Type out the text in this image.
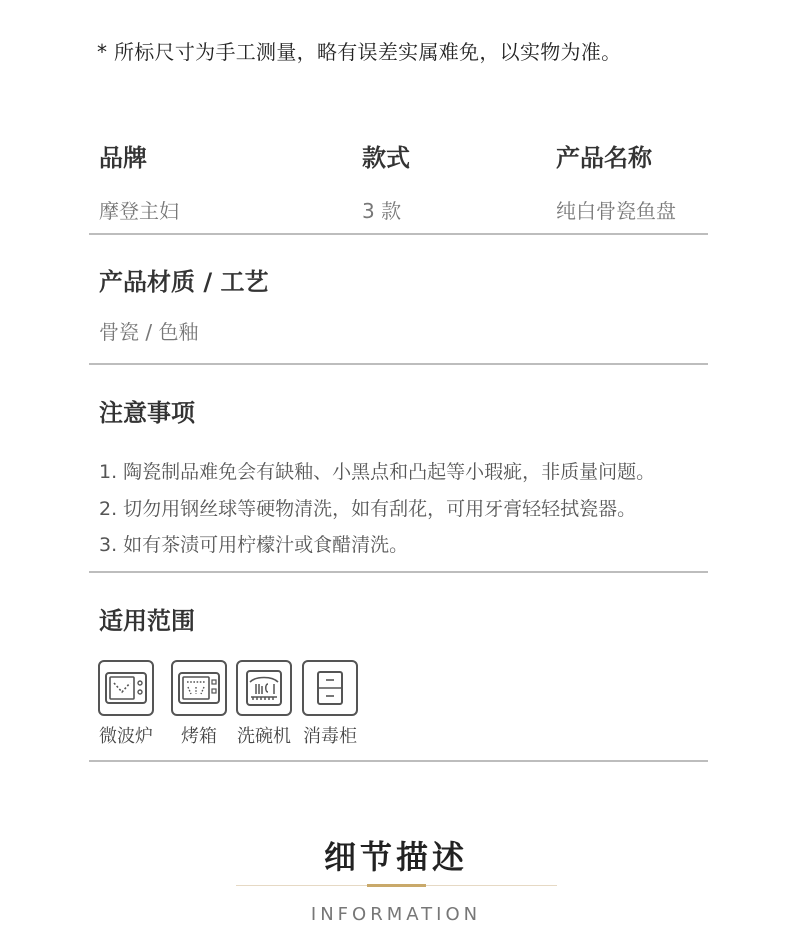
* 所标尺寸为手工测量，略有误差实属难免，以实物为准。
品牌
摩登主妇
款式
3 款
产品名称
纯白骨瓷鱼盘
产品材质 / 工艺
骨瓷 / 色釉
注意事项
1. 陶瓷制品难免会有缺釉、小黑点和凸起等小瑕疵，非质量问题。
2. 切勿用钢丝球等硬物清洗，如有刮花，可用牙膏轻轻拭瓷器。
3. 如有茶渍可用柠檬汁或食醋清洗。
适用范围
微波炉 烤箱 洗碗机 消毒柜
细节描述
INFORMATION
